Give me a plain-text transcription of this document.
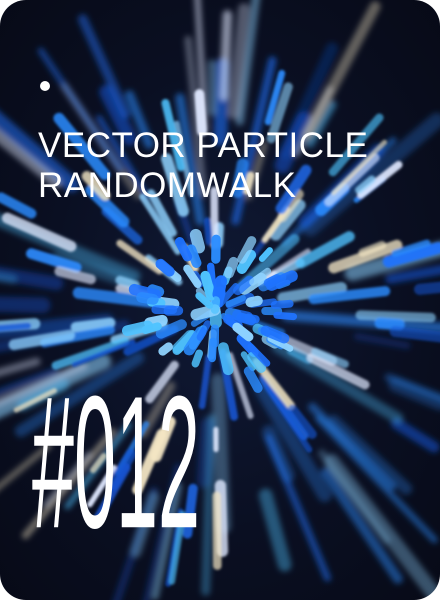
VECTOR PARTICLE
RANDOMWALK
#012
